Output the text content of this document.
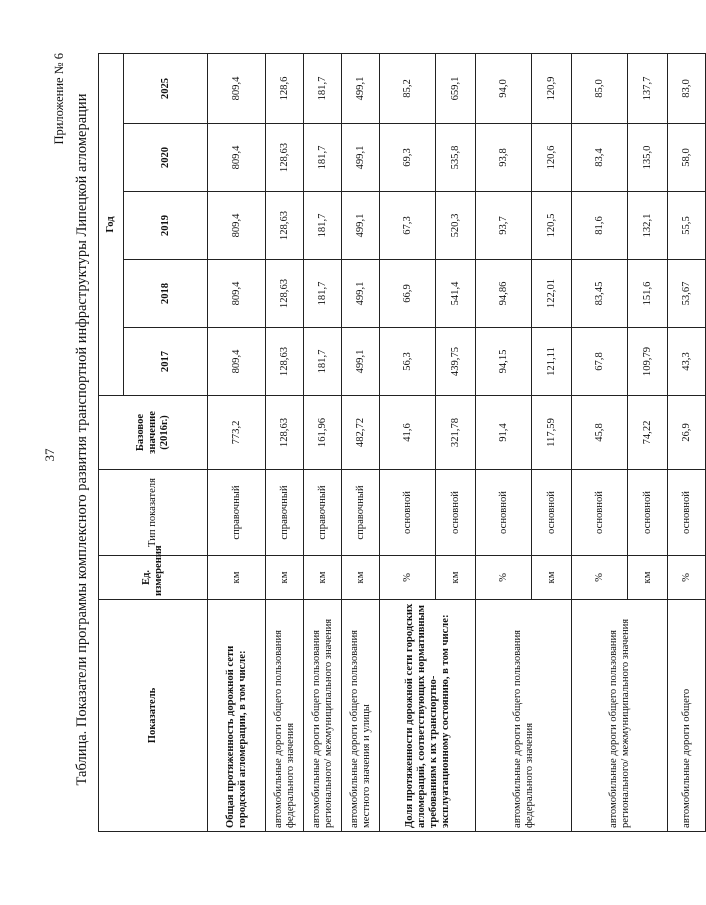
37
Приложение № 6 Таблица. Показатели программы комплексного развития транспортной инфраструктуры Липецкой агломерации	Показатель	Ед. измерения	Тип показателя	Базовое значение (2016г.)	Год				
				2017	2018	2019	2020	2025
Общая протяженность дорожной сети городской агломерации, в том числе:	км	справочный	773,2	809,4	809,4	809,4	809,4	809,4
автомобильные дороги общего пользования федерального значения	км	справочный	128,63	128,63	128,63	128,63	128,63	128,6
автомобильные дороги общего пользования регионального/ межмуниципального значения	км	справочный	161,96	181,7	181,7	181,7	181,7	181,7
автомобильные дороги общего пользования местного значения и улицы	км	справочный	482,72	499,1	499,1	499,1	499,1	499,1
Доля протяженности дорожной сети городских агломераций, соответствующих нормативным требованиям к их транспортно-эксплуатационному состоянию, в том числе:	%	основной	41,6	56,3	66,9	67,3	69,3	85,2
	км	основной	321,78	439,75	541,4	520,3	535,8	659,1
автомобильные дороги общего пользования федерального значения	%	основной	91,4	94,15	94,86	93,7	93,8	94,0
	км	основной	117,59	121,11	122,01	120,5	120,6	120,9
автомобильные дороги общего пользования регионального/ межмуниципального значения	%	основной	45,8	67,8	83,45	81,6	83,4	85,0
	км	основной	74,22	109,79	151,6	132,1	135,0	137,7
автомобильные дороги общего	%	основной	26,9	43,3	53,67	55,5	58,0	83,0
